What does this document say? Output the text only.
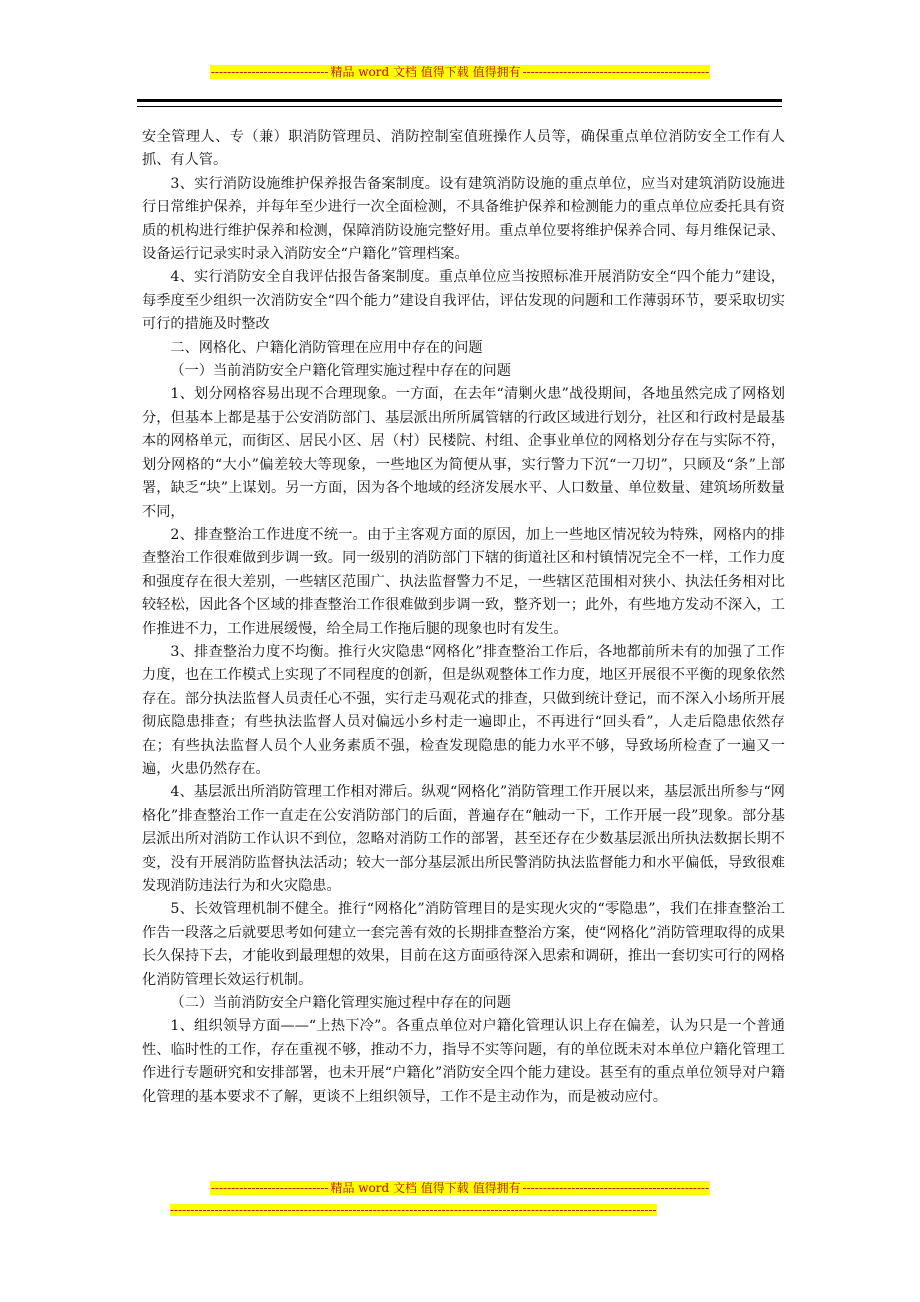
----------------------------- 精品 word 文档 值得下载 值得拥有 ----------------------------------------------

安全管理人、专（兼）职消防管理员、消防控制室值班操作人员等，确保重点单位消防安全工作有人抓、有人管。

3、实行消防设施维护保养报告备案制度。设有建筑消防设施的重点单位，应当对建筑消防设施进行日常维护保养，并每年至少进行一次全面检测，不具备维护保养和检测能力的重点单位应委托具有资质的机构进行维护保养和检测，保障消防设施完整好用。重点单位要将维护保养合同、每月维保记录、设备运行记录实时录入消防安全“户籍化”管理档案。

4、实行消防安全自我评估报告备案制度。重点单位应当按照标准开展消防安全“四个能力”建设，每季度至少组织一次消防安全“四个能力”建设自我评估，评估发现的问题和工作薄弱环节，要采取切实可行的措施及时整改

二、网格化、户籍化消防管理在应用中存在的问题

（一）当前消防安全户籍化管理实施过程中存在的问题

1、划分网格容易出现不合理现象。一方面，在去年“清剿火患”战役期间，各地虽然完成了网格划分，但基本上都是基于公安消防部门、基层派出所所属管辖的行政区域进行划分，社区和行政村是最基本的网格单元，而街区、居民小区、居（村）民楼院、村组、企事业单位的网格划分存在与实际不符，划分网格的“大小”偏差较大等现象，一些地区为简便从事，实行警力下沉“一刀切”，只顾及“条”上部署，缺乏“块”上谋划。另一方面，因为各个地域的经济发展水平、人口数量、单位数量、建筑场所数量不同，

2、排查整治工作进度不统一。由于主客观方面的原因，加上一些地区情况较为特殊，网格内的排查整治工作很难做到步调一致。同一级别的消防部门下辖的街道社区和村镇情况完全不一样，工作力度和强度存在很大差别，一些辖区范围广、执法监督警力不足，一些辖区范围相对狭小、执法任务相对比较轻松，因此各个区域的排查整治工作很难做到步调一致，整齐划一；此外，有些地方发动不深入，工作推进不力，工作进展缓慢，给全局工作拖后腿的现象也时有发生。

3、排查整治力度不均衡。推行火灾隐患“网格化”排查整治工作后，各地都前所未有的加强了工作力度，也在工作模式上实现了不同程度的创新，但是纵观整体工作力度，地区开展很不平衡的现象依然存在。部分执法监督人员责任心不强，实行走马观花式的排查，只做到统计登记，而不深入小场所开展彻底隐患排查；有些执法监督人员对偏远小乡村走一遍即止，不再进行“回头看”，人走后隐患依然存在；有些执法监督人员个人业务素质不强，检查发现隐患的能力水平不够，导致场所检查了一遍又一遍，火患仍然存在。

4、基层派出所消防管理工作相对滞后。纵观“网格化”消防管理工作开展以来，基层派出所参与“网格化”排查整治工作一直走在公安消防部门的后面，普遍存在“触动一下，工作开展一段”现象。部分基层派出所对消防工作认识不到位，忽略对消防工作的部署，甚至还存在少数基层派出所执法数据长期不变，没有开展消防监督执法活动；较大一部分基层派出所民警消防执法监督能力和水平偏低，导致很难发现消防违法行为和火灾隐患。

5、长效管理机制不健全。推行“网格化”消防管理目的是实现火灾的“零隐患”，我们在排查整治工作告一段落之后就要思考如何建立一套完善有效的长期排查整治方案，使“网格化”消防管理取得的成果长久保持下去，才能收到最理想的效果，目前在这方面亟待深入思索和调研，推出一套切实可行的网格化消防管理长效运行机制。

（二）当前消防安全户籍化管理实施过程中存在的问题

1、组织领导方面——“上热下冷”。各重点单位对户籍化管理认识上存在偏差，认为只是一个普通性、临时性的工作，存在重视不够，推动不力，指导不实等问题，有的单位既未对本单位户籍化管理工作进行专题研究和安排部署，也未开展“户籍化”消防安全四个能力建设。甚至有的重点单位领导对户籍化管理的基本要求不了解，更谈不上组织领导，工作不是主动作为，而是被动应付。

----------------------------- 精品 word 文档 值得下载 值得拥有 ----------------------------------------------
------------------------------------------------------------------------------------------------------------------------
